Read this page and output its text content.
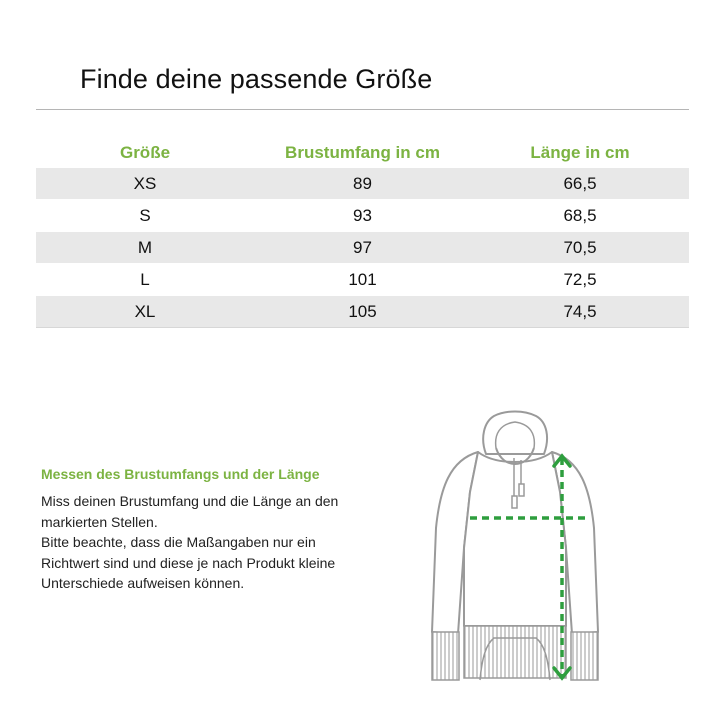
Finde deine passende Größe
Größe	Brustumfang in cm	Länge in cm
XS	89	66,5
S	93	68,5
M	97	70,5
L	101	72,5
XL	105	74,5
Messen des Brustumfangs und der Länge

Miss deinen Brustumfang und die Länge an den markierten Stellen.

Bitte beachte, dass die Maßangaben nur ein Richtwert sind und diese je nach Produkt kleine Unterschiede aufweisen können.
